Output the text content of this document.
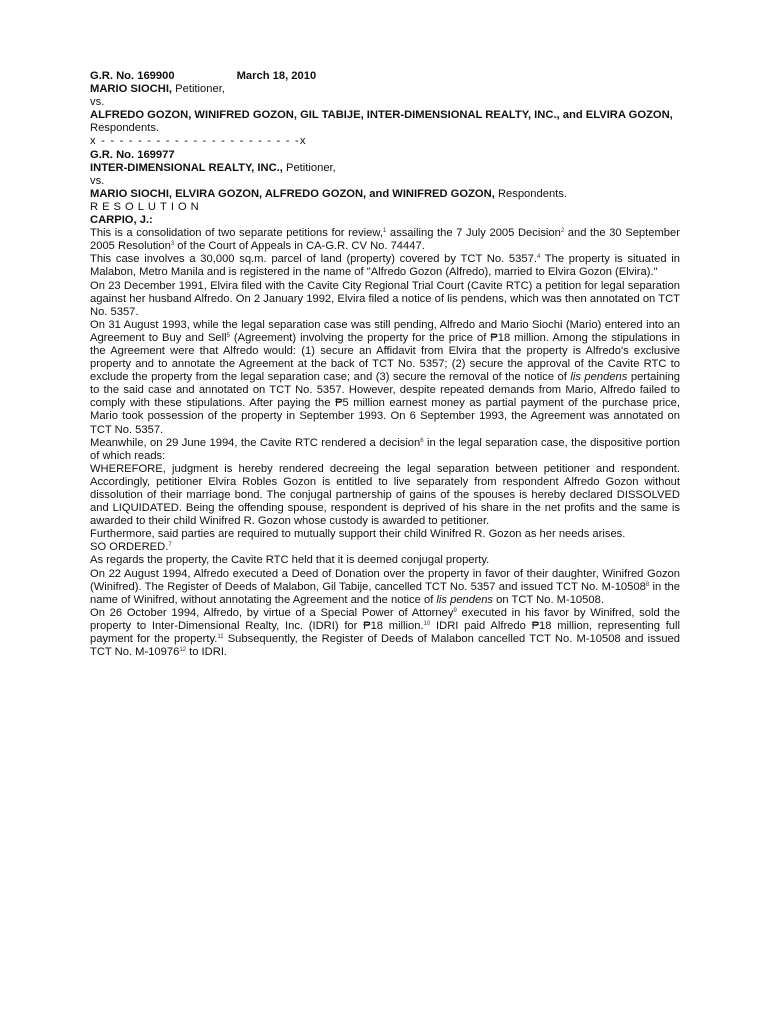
G.R. No. 169900	March 18, 2010

MARIO SIOCHI, Petitioner,

vs.

ALFREDO GOZON, WINIFRED GOZON, GIL TABIJE, INTER-DIMENSIONAL REALTY, INC., and ELVIRA GOZON, Respondents.

x - - - - - - - - - - - - - - - - - - - - - -x

G.R. No. 169977

INTER-DIMENSIONAL REALTY, INC., Petitioner,

vs.

MARIO SIOCHI, ELVIRA GOZON, ALFREDO GOZON, and WINIFRED GOZON, Respondents.

RESOLUTION

CARPIO, J.:

This is a consolidation of two separate petitions for review,$^1$ assailing the 7 July 2005 Decision$^2$ and the 30 September 2005 Resolution$^3$ of the Court of Appeals in CA-G.R. CV No. 74447.

This case involves a 30,000 sq.m. parcel of land (property) covered by TCT No. 5357.$^4$ The property is situated in Malabon, Metro Manila and is registered in the name of "Alfredo Gozon (Alfredo), married to Elvira Gozon (Elvira)."

On 23 December 1991, Elvira filed with the Cavite City Regional Trial Court (Cavite RTC) a petition for legal separation against her husband Alfredo. On 2 January 1992, Elvira filed a notice of lis pendens, which was then annotated on TCT No. 5357.

On 31 August 1993, while the legal separation case was still pending, Alfredo and Mario Siochi (Mario) entered into an Agreement to Buy and Sell$^5$ (Agreement) involving the property for the price of ₱18 million. Among the stipulations in the Agreement were that Alfredo would: (1) secure an Affidavit from Elvira that the property is Alfredo's exclusive property and to annotate the Agreement at the back of TCT No. 5357; (2) secure the approval of the Cavite RTC to exclude the property from the legal separation case; and (3) secure the removal of the notice of lis pendens pertaining to the said case and annotated on TCT No. 5357. However, despite repeated demands from Mario, Alfredo failed to comply with these stipulations. After paying the ₱5 million earnest money as partial payment of the purchase price, Mario took possession of the property in September 1993. On 6 September 1993, the Agreement was annotated on TCT No. 5357.

Meanwhile, on 29 June 1994, the Cavite RTC rendered a decision$^6$ in the legal separation case, the dispositive portion of which reads:

WHEREFORE, judgment is hereby rendered decreeing the legal separation between petitioner and respondent. Accordingly, petitioner Elvira Robles Gozon is entitled to live separately from respondent Alfredo Gozon without dissolution of their marriage bond. The conjugal partnership of gains of the spouses is hereby declared DISSOLVED and LIQUIDATED. Being the offending spouse, respondent is deprived of his share in the net profits and the same is awarded to their child Winifred R. Gozon whose custody is awarded to petitioner.

Furthermore, said parties are required to mutually support their child Winifred R. Gozon as her needs arises.

SO ORDERED.$^7$

As regards the property, the Cavite RTC held that it is deemed conjugal property.

On 22 August 1994, Alfredo executed a Deed of Donation over the property in favor of their daughter, Winifred Gozon (Winifred). The Register of Deeds of Malabon, Gil Tabije, cancelled TCT No. 5357 and issued TCT No. M-10508$^8$ in the name of Winifred, without annotating the Agreement and the notice of lis pendens on TCT No. M-10508.

On 26 October 1994, Alfredo, by virtue of a Special Power of Attorney$^9$ executed in his favor by Winifred, sold the property to Inter-Dimensional Realty, Inc. (IDRI) for ₱18 million.$^{10}$ IDRI paid Alfredo ₱18 million, representing full payment for the property.$^{11}$ Subsequently, the Register of Deeds of Malabon cancelled TCT No. M-10508 and issued TCT No. M-10976$^{12}$ to IDRI.
